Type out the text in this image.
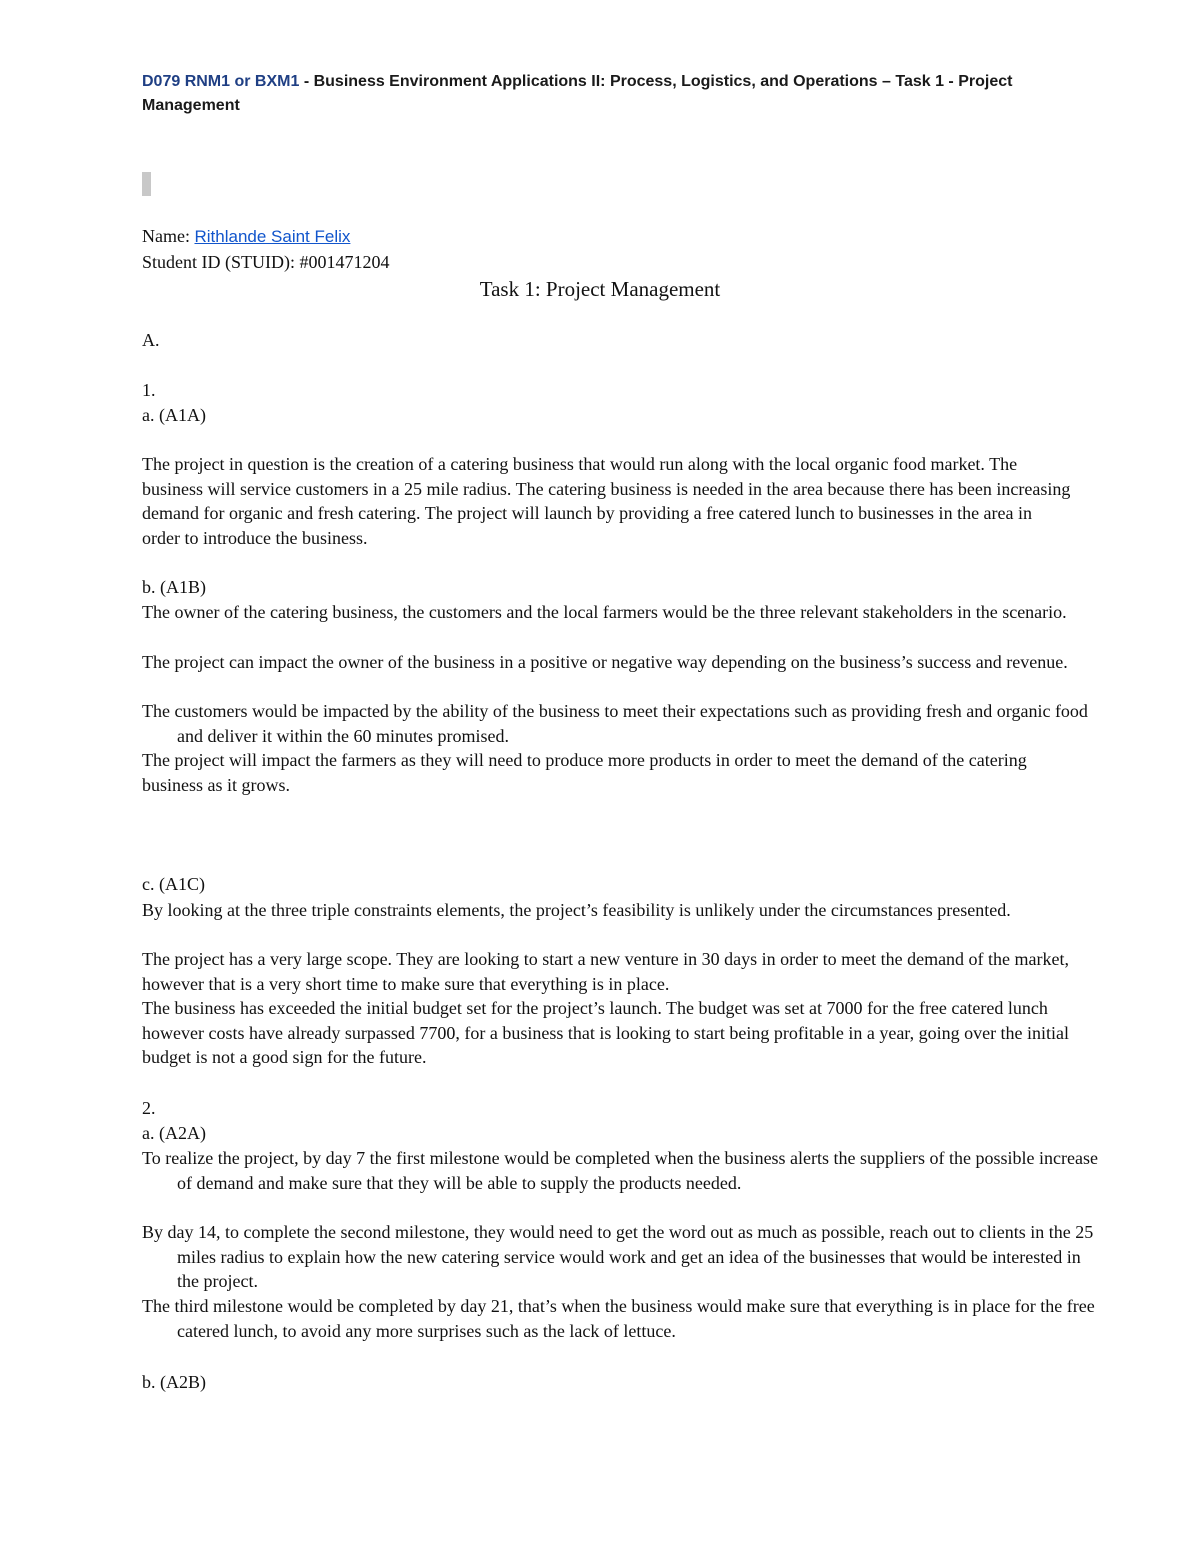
D079 RNM1 or BXM1 - Business Environment Applications II: Process, Logistics, and Operations – Task 1 - Project Management
Name: Rithlande Saint Felix
Student ID (STUID): #001471204
Task 1: Project Management
A.
1.
a. (A1A)
The project in question is the creation of a catering business that would run along with the local organic food market. The business will service customers in a 25 mile radius. The catering business is needed in the area because there has been increasing demand for organic and fresh catering. The project will launch by providing a free catered lunch to businesses in the area in order to introduce the business.
b. (A1B)
The owner of the catering business, the customers and the local farmers would be the three relevant stakeholders in the scenario.
The project can impact the owner of the business in a positive or negative way depending on the business’s success and revenue.
The customers would be impacted by the ability of the business to meet their expectations such as providing fresh and organic food and deliver it within the 60 minutes promised.
The project will impact the farmers as they will need to produce more products in order to meet the demand of the catering business as it grows.
c. (A1C)
By looking at the three triple constraints elements, the project’s feasibility is unlikely under the circumstances presented.
The project has a very large scope. They are looking to start a new venture in 30 days in order to meet the demand of the market, however that is a very short time to make sure that everything is in place.
The business has exceeded the initial budget set for the project’s launch. The budget was set at 7000 for the free catered lunch however costs have already surpassed 7700, for a business that is looking to start being profitable in a year, going over the initial budget is not a good sign for the future.
2.
a. (A2A)
To realize the project, by day 7 the first milestone would be completed when the business alerts the suppliers of the possible increase of demand and make sure that they will be able to supply the products needed.
By day 14, to complete the second milestone, they would need to get the word out as much as possible, reach out to clients in the 25 miles radius to explain how the new catering service would work and get an idea of the businesses that would be interested in the project.
The third milestone would be completed by day 21, that’s when the business would make sure that everything is in place for the free catered lunch, to avoid any more surprises such as the lack of lettuce.
b. (A2B)
